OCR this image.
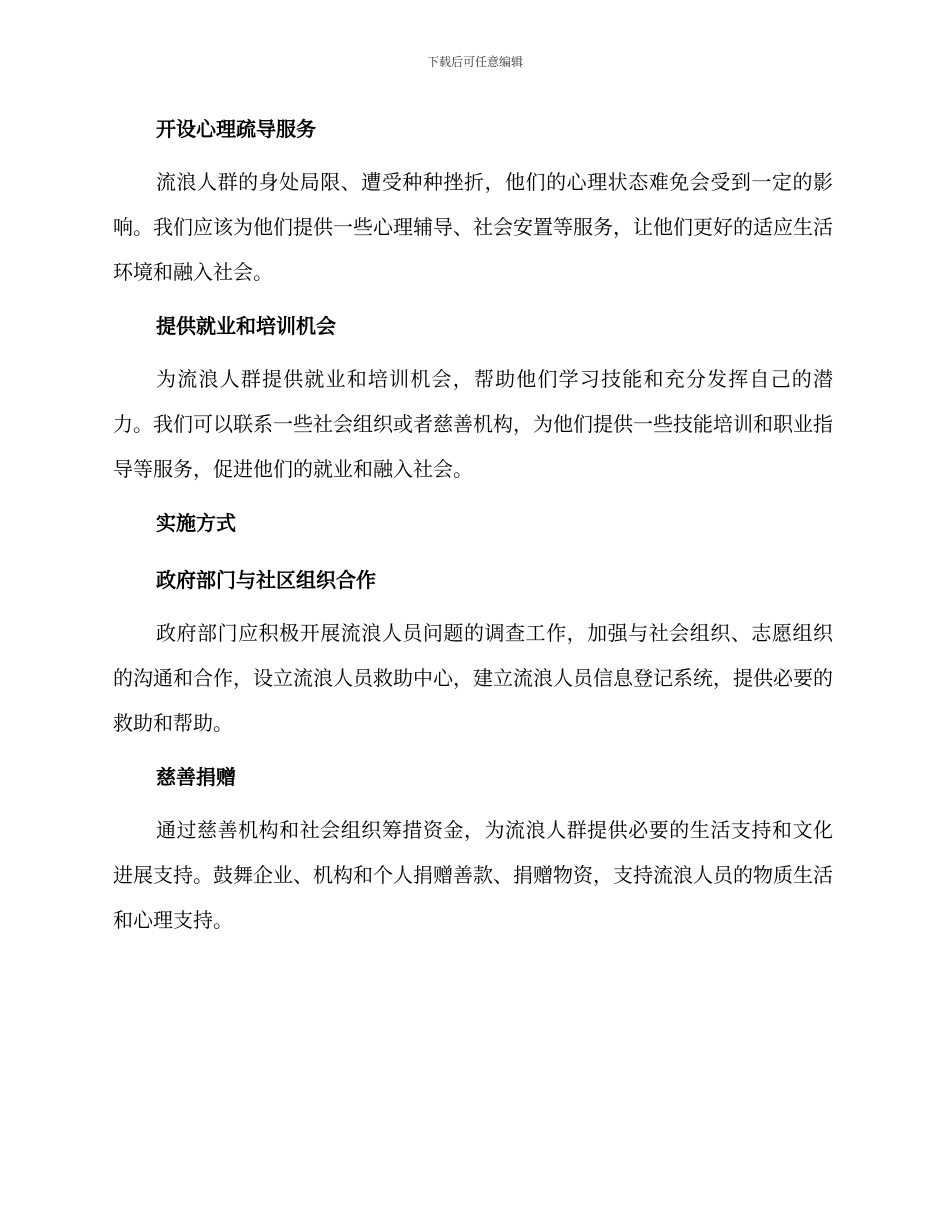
下载后可任意编辑
开设心理疏导服务

流浪人群的身处局限、遭受种种挫折，他们的心理状态难免会受到一定的影响。我们应该为他们提供一些心理辅导、社会安置等服务，让他们更好的适应生活环境和融入社会。

提供就业和培训机会

为流浪人群提供就业和培训机会，帮助他们学习技能和充分发挥自己的潜力。我们可以联系一些社会组织或者慈善机构，为他们提供一些技能培训和职业指导等服务，促进他们的就业和融入社会。

实施方式
政府部门与社区组织合作

政府部门应积极开展流浪人员问题的调查工作，加强与社会组织、志愿组织的沟通和合作，设立流浪人员救助中心，建立流浪人员信息登记系统，提供必要的救助和帮助。

慈善捐赠

通过慈善机构和社会组织筹措资金，为流浪人群提供必要的生活支持和文化进展支持。鼓舞企业、机构和个人捐赠善款、捐赠物资，支持流浪人员的物质生活和心理支持。
